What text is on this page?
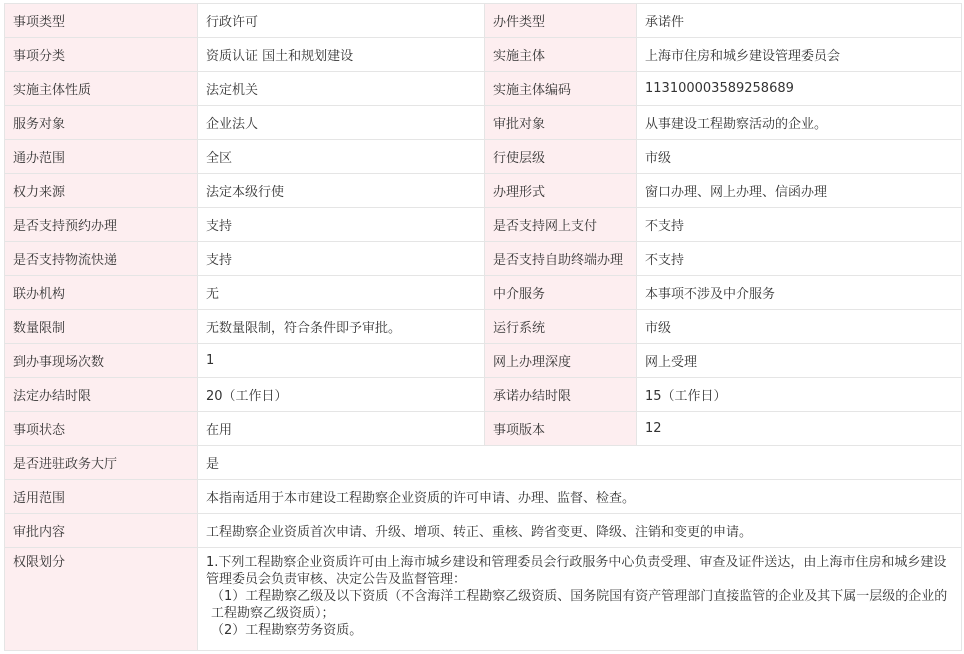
事项类型	行政许可	办件类型	承诺件
事项分类	资质认证 国土和规划建设	实施主体	上海市住房和城乡建设管理委员会
实施主体性质	法定机关	实施主体编码	113100003589258689
服务对象	企业法人	审批对象	从事建设工程勘察活动的企业。
通办范围	全区	行使层级	市级
权力来源	法定本级行使	办理形式	窗口办理、网上办理、信函办理
是否支持预约办理	支持	是否支持网上支付	不支持
是否支持物流快递	支持	是否支持自助终端办理	不支持
联办机构	无	中介服务	本事项不涉及中介服务
数量限制	无数量限制，符合条件即予审批。	运行系统	市级
到办事现场次数	1	网上办理深度	网上受理
法定办结时限	20（工作日）	承诺办结时限	15（工作日）
事项状态	在用	事项版本	12
是否进驻政务大厅	是		
适用范围	本指南适用于本市建设工程勘察企业资质的许可申请、办理、监督、检查。		
审批内容	工程勘察企业资质首次申请、升级、增项、转正、重核、跨省变更、降级、注销和变更的申请。		
权限划分	1.下列工程勘察企业资质许可由上海市城乡建设和管理委员会行政服务中心负责受理、审查及证件送达，由上海市住房和城乡建设管理委员会负责审核、决定公告及监督管理：
（1）工程勘察乙级及以下资质（不含海洋工程勘察乙级资质、国务院国有资产管理部门直接监管的企业及其下属一层级的企业的工程勘察乙级资质）；
（2）工程勘察劳务资质。		
